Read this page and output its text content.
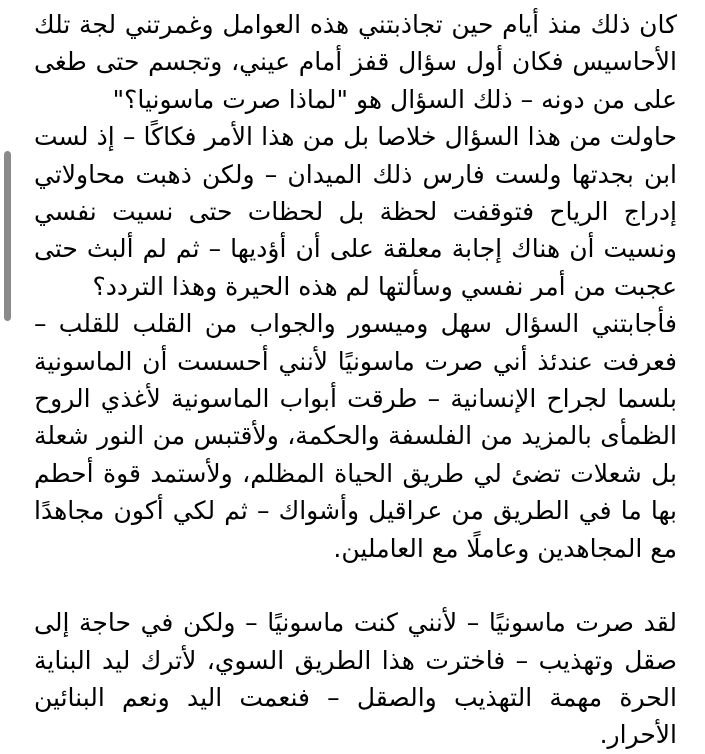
كان ذلك منذ أيام حين تجاذبتني هذه العوامل وغمرتني لجة تلك الأحاسيس فكان أول سؤال قفز أمام عيني، وتجسم حتى طغى على من دونه – ذلك السؤال هو "لماذا صرت ماسونيا؟"

حاولت من هذا السؤال خلاصا بل من هذا الأمر فكاكًا – إذ لست ابن بجدتها ولست فارس ذلك الميدان – ولكن ذهبت محاولاتي إدراج الرياح فتوقفت لحظة بل لحظات حتى نسيت نفسي ونسيت أن هناك إجابة معلقة على أن أؤديها – ثم لم ألبث حتى عجبت من أمر نفسي وسألتها لم هذه الحيرة وهذا التردد؟

فأجابتني السؤال سهل وميسور والجواب من القلب للقلب – فعرفت عندئذ أني صرت ماسونيًا لأنني أحسست أن الماسونية بلسما لجراح الإنسانية – طرقت أبواب الماسونية لأغذي الروح الظمأى بالمزيد من الفلسفة والحكمة، ولأقتبس من النور شعلة بل شعلات تضئ لي طريق الحياة المظلم، ولأستمد قوة أحطم بها ما في الطريق من عراقيل وأشواك – ثم لكي أكون مجاهدًا مع المجاهدين وعاملًا مع العاملين.

لقد صرت ماسونيًا – لأنني كنت ماسونيًا – ولكن في حاجة إلى صقل وتهذيب – فاخترت هذا الطريق السوي، لأترك ليد البناية الحرة مهمة التهذيب والصقل – فنعمت اليد ونعم البنائين الأحرار.
